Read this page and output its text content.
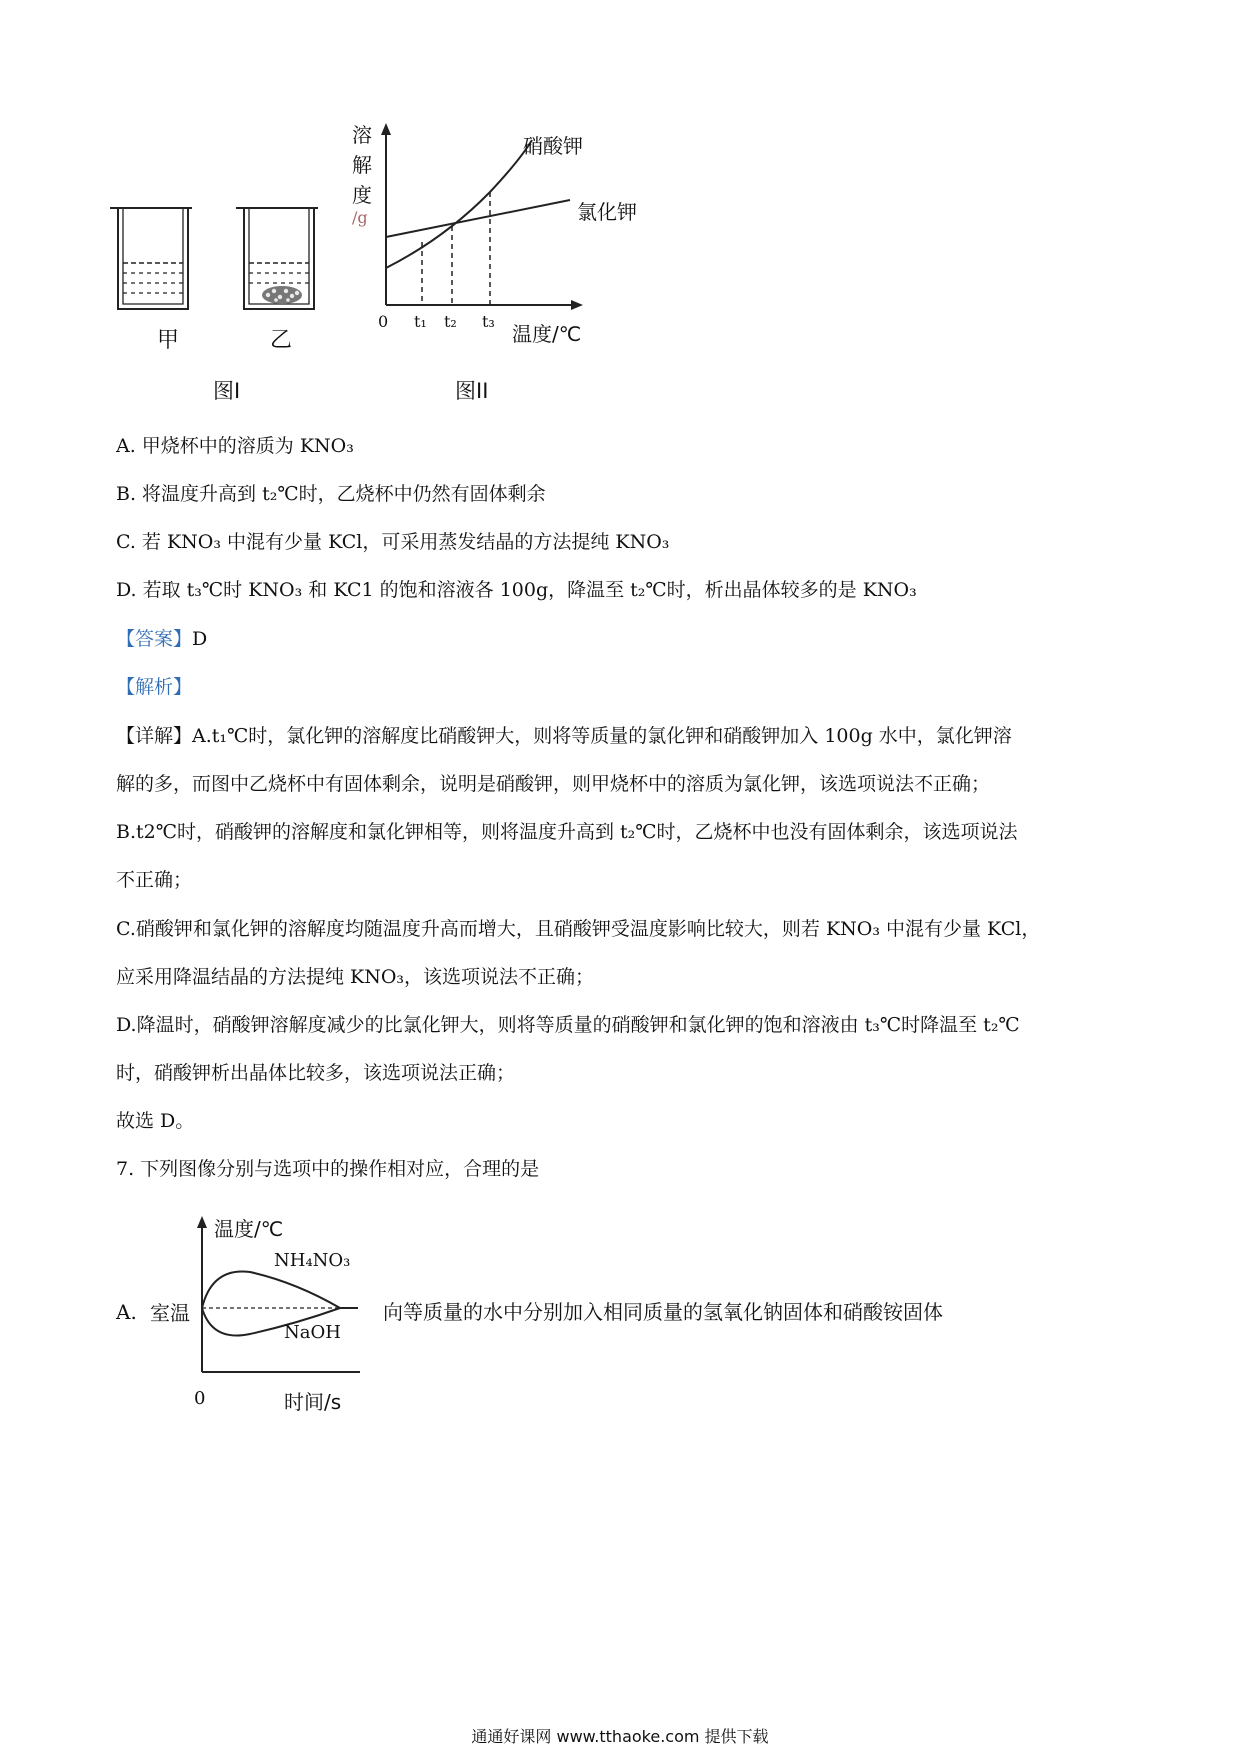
甲	乙
图I
溶
解
度
/g
硝酸钾
氯化钾
0 t₁ t₂ t₃
温度/℃
图II
A. 甲烧杯中的溶质为 KNO₃
B. 将温度升高到 t₂℃时，乙烧杯中仍然有固体剩余
C. 若 KNO₃ 中混有少量 KCl，可采用蒸发结晶的方法提纯 KNO₃
D. 若取 t₃℃时 KNO₃ 和 KC1 的饱和溶液各 100g，降温至 t₂℃时，析出晶体较多的是 KNO₃
【答案】D
【解析】
【详解】A.t₁℃时，氯化钾的溶解度比硝酸钾大，则将等质量的氯化钾和硝酸钾加入 100g 水中，氯化钾溶
解的多，而图中乙烧杯中有固体剩余，说明是硝酸钾，则甲烧杯中的溶质为氯化钾，该选项说法不正确；
B.t2℃时，硝酸钾的溶解度和氯化钾相等，则将温度升高到 t₂℃时，乙烧杯中也没有固体剩余，该选项说法
不正确；
C.硝酸钾和氯化钾的溶解度均随温度升高而增大，且硝酸钾受温度影响比较大，则若 KNO₃ 中混有少量 KCl，
应采用降温结晶的方法提纯 KNO₃，该选项说法不正确；
D.降温时，硝酸钾溶解度减少的比氯化钾大，则将等质量的硝酸钾和氯化钾的饱和溶液由 t₃℃时降温至 t₂℃
时，硝酸钾析出晶体比较多，该选项说法正确；
故选 D。
7. 下列图像分别与选项中的操作相对应，合理的是
A. 室温
温度/℃
NH₄NO₃
NaOH
0	时间/s
向等质量的水中分别加入相同质量的氢氧化钠固体和硝酸铵固体
通通好课网 www.tthaoke.com 提供下载
